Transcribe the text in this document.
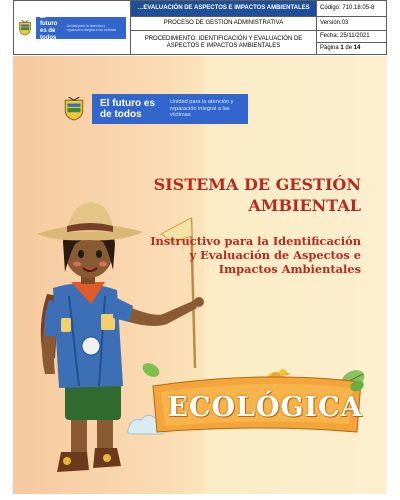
El futuro es de todos
Unidad para la atención y reparación integral a las víctimas	…EVALUACIÓN DE ASPECTOS E IMPACTOS AMBIENTALES	Código: 710.18.05-8
	PROCESO DE GESTIÓN ADMINISTRATIVA	Versión:03
	PROCEDIMIENTO: IDENTIFICACIÓN Y EVALUACIÓN DE ASPECTOS E IMPACTOS AMBIENTALES	Fecha: 25/11/2021
Página 1 de 14
El futuro es de todos
Unidad para la atención y reparación integral a las víctimas
SISTEMA DE GESTIÓN AMBIENTAL
Instructivo para la Identificación y Evaluación de Aspectos e Impactos Ambientales
ECOLÓGICA
